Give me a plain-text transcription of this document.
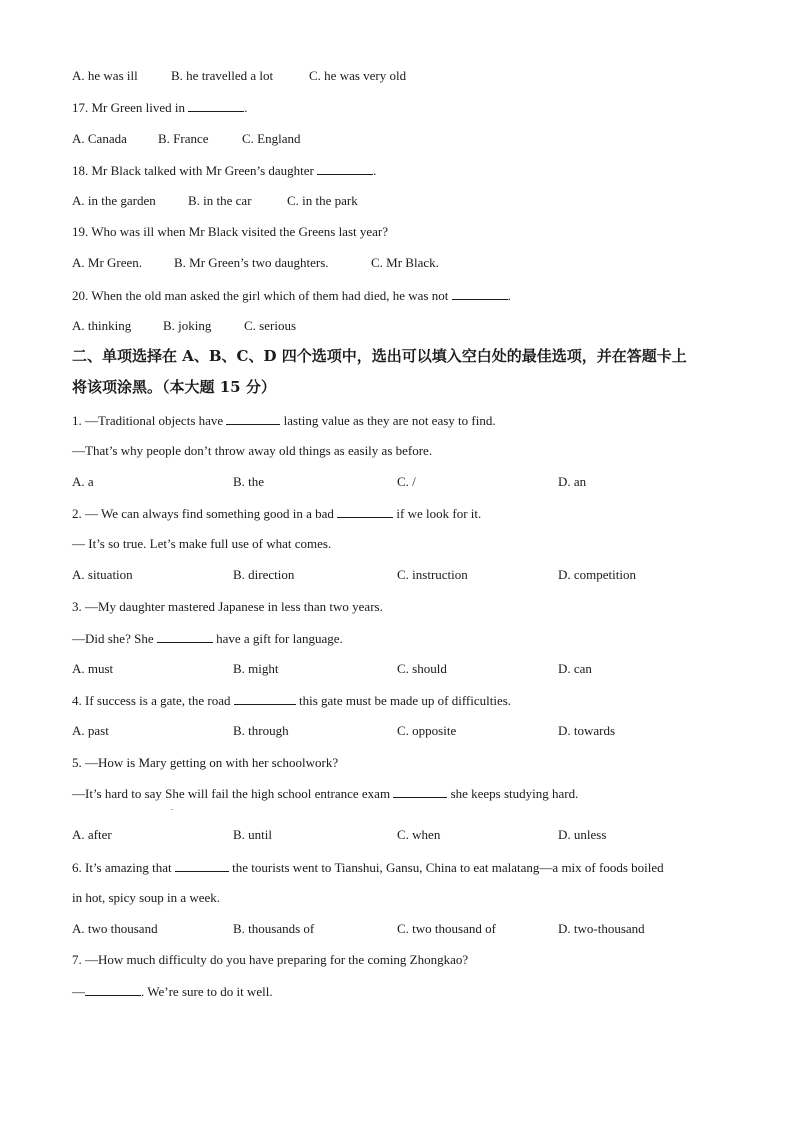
A. he was ill	B. he travelled a lot	C. he was very old
17. Mr Green lived in	.
A. Canada B. France	C. England
18. Mr Black talked with Mr Green’s daughter	.
A. in the garden B. in the car	C. in the park
19. Who was ill when Mr Black visited the Greens last year?
A. Mr Green. B. Mr Green’s two daughters.	C. Mr Black.
20. When the old man asked the girl which of them had died, he was not	.
A. thinking B. joking	C. serious
二、单项选择在 A、B、C、D 四个选项中，选出可以填入空白处的最佳选项，并在答题卡上
将该项涂黑。（本大题 15 分）
1. —Traditional objects have	lasting value as they are not easy to find.
—That’s why people don’t throw away old things as easily as before.
A. a	B. the	C. /	D. an
2. — We can always find something good in a bad	if we look for it.
— It’s so true. Let’s make full use of what comes.
A. situation	B. direction	C. instruction	D. competition
3. —My daughter mastered Japanese in less than two years.
—Did she? She	have a gift for language.
A. must	B. might	C. should	D. can
4. If success is a gate, the road	this gate must be made up of difficulties.
A. past	B. through	C. opposite	D. towards
5. —How is Mary getting on with her schoolwork?
—It’s hard to say She will fail the high school entrance exam	she keeps studying hard.
.
A. after	B. until	C. when	D. unless
6. It’s amazing that	the tourists went to Tianshui, Gansu, China to eat malatang—a mix of foods boiled
in hot, spicy soup in a week.
A. two thousand	B. thousands of	C. two thousand of	D. two-thousand
7. —How much difficulty do you have preparing for the coming Zhongkao?
—	. We’re sure to do it well.
